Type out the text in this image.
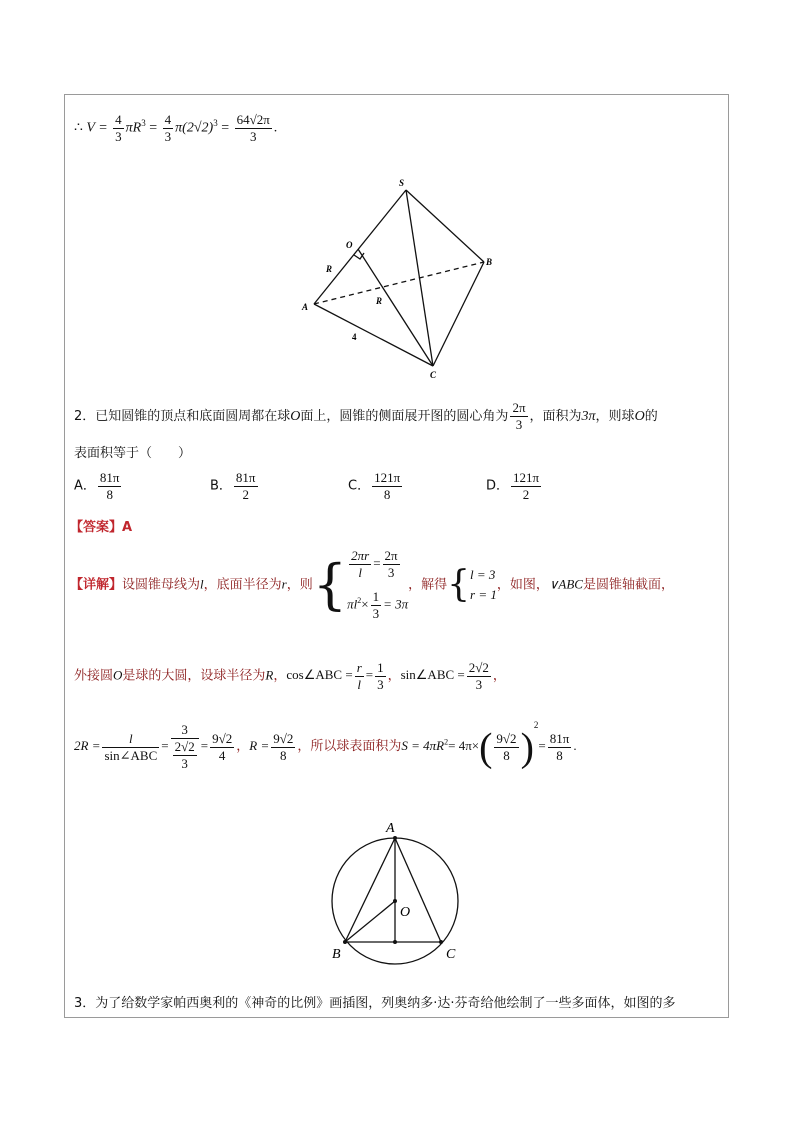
∴ $V = \frac{4}{3} \pi R^3 = \frac{4}{3} \pi(2√2)^3 = \frac{64√2\pi}{3}$ .
S
O
R
R
A
B
C
4
2．已知圆锥的顶点和底面圆周都在球O面上，圆锥的侧面展开图的圆心角为 $\frac{2\pi}{3}$ ，面积为3π，则球O的
表面积等于（　　）
A． $\frac{81\pi}{8}$	B． $\frac{81\pi}{2}$	C． $\frac{121\pi}{8}$	D． $\frac{121\pi}{2}$
【答案】A
【详解】设圆锥母线为l，底面半径为r，则{ $\frac{2\pi r}{l} = \frac{2\pi}{3}$
$\pi l^2\times \frac{1}{3} = 3\pi$
，解得{ l = 3
r = 1
，如图，∨ABC是圆锥轴截面，
外接圆O是球的大圆，设球半径为R，cos∠ABC = $\frac{r}{l} = \frac{1}{3}$ ，sin∠ABC = $\frac{2√2}{3}$ ，
$2R = \frac{l}{\text{sin∠ABC}} = \frac{3}{\frac{2√2}{3}} = \frac{9√2}{4}$ ，$R = \frac{9√2}{8}$ ，所以球表面积为$S = 4\pi R^2= 4\pi\times( \frac{9√2}{8} )^2= \frac{81\pi}{8}$ .
A
O
B	C
3．为了给数学家帕西奥利的《神奇的比例》画插图，列奥纳多·达·芬奇给他绘制了一些多面体，如图的多
